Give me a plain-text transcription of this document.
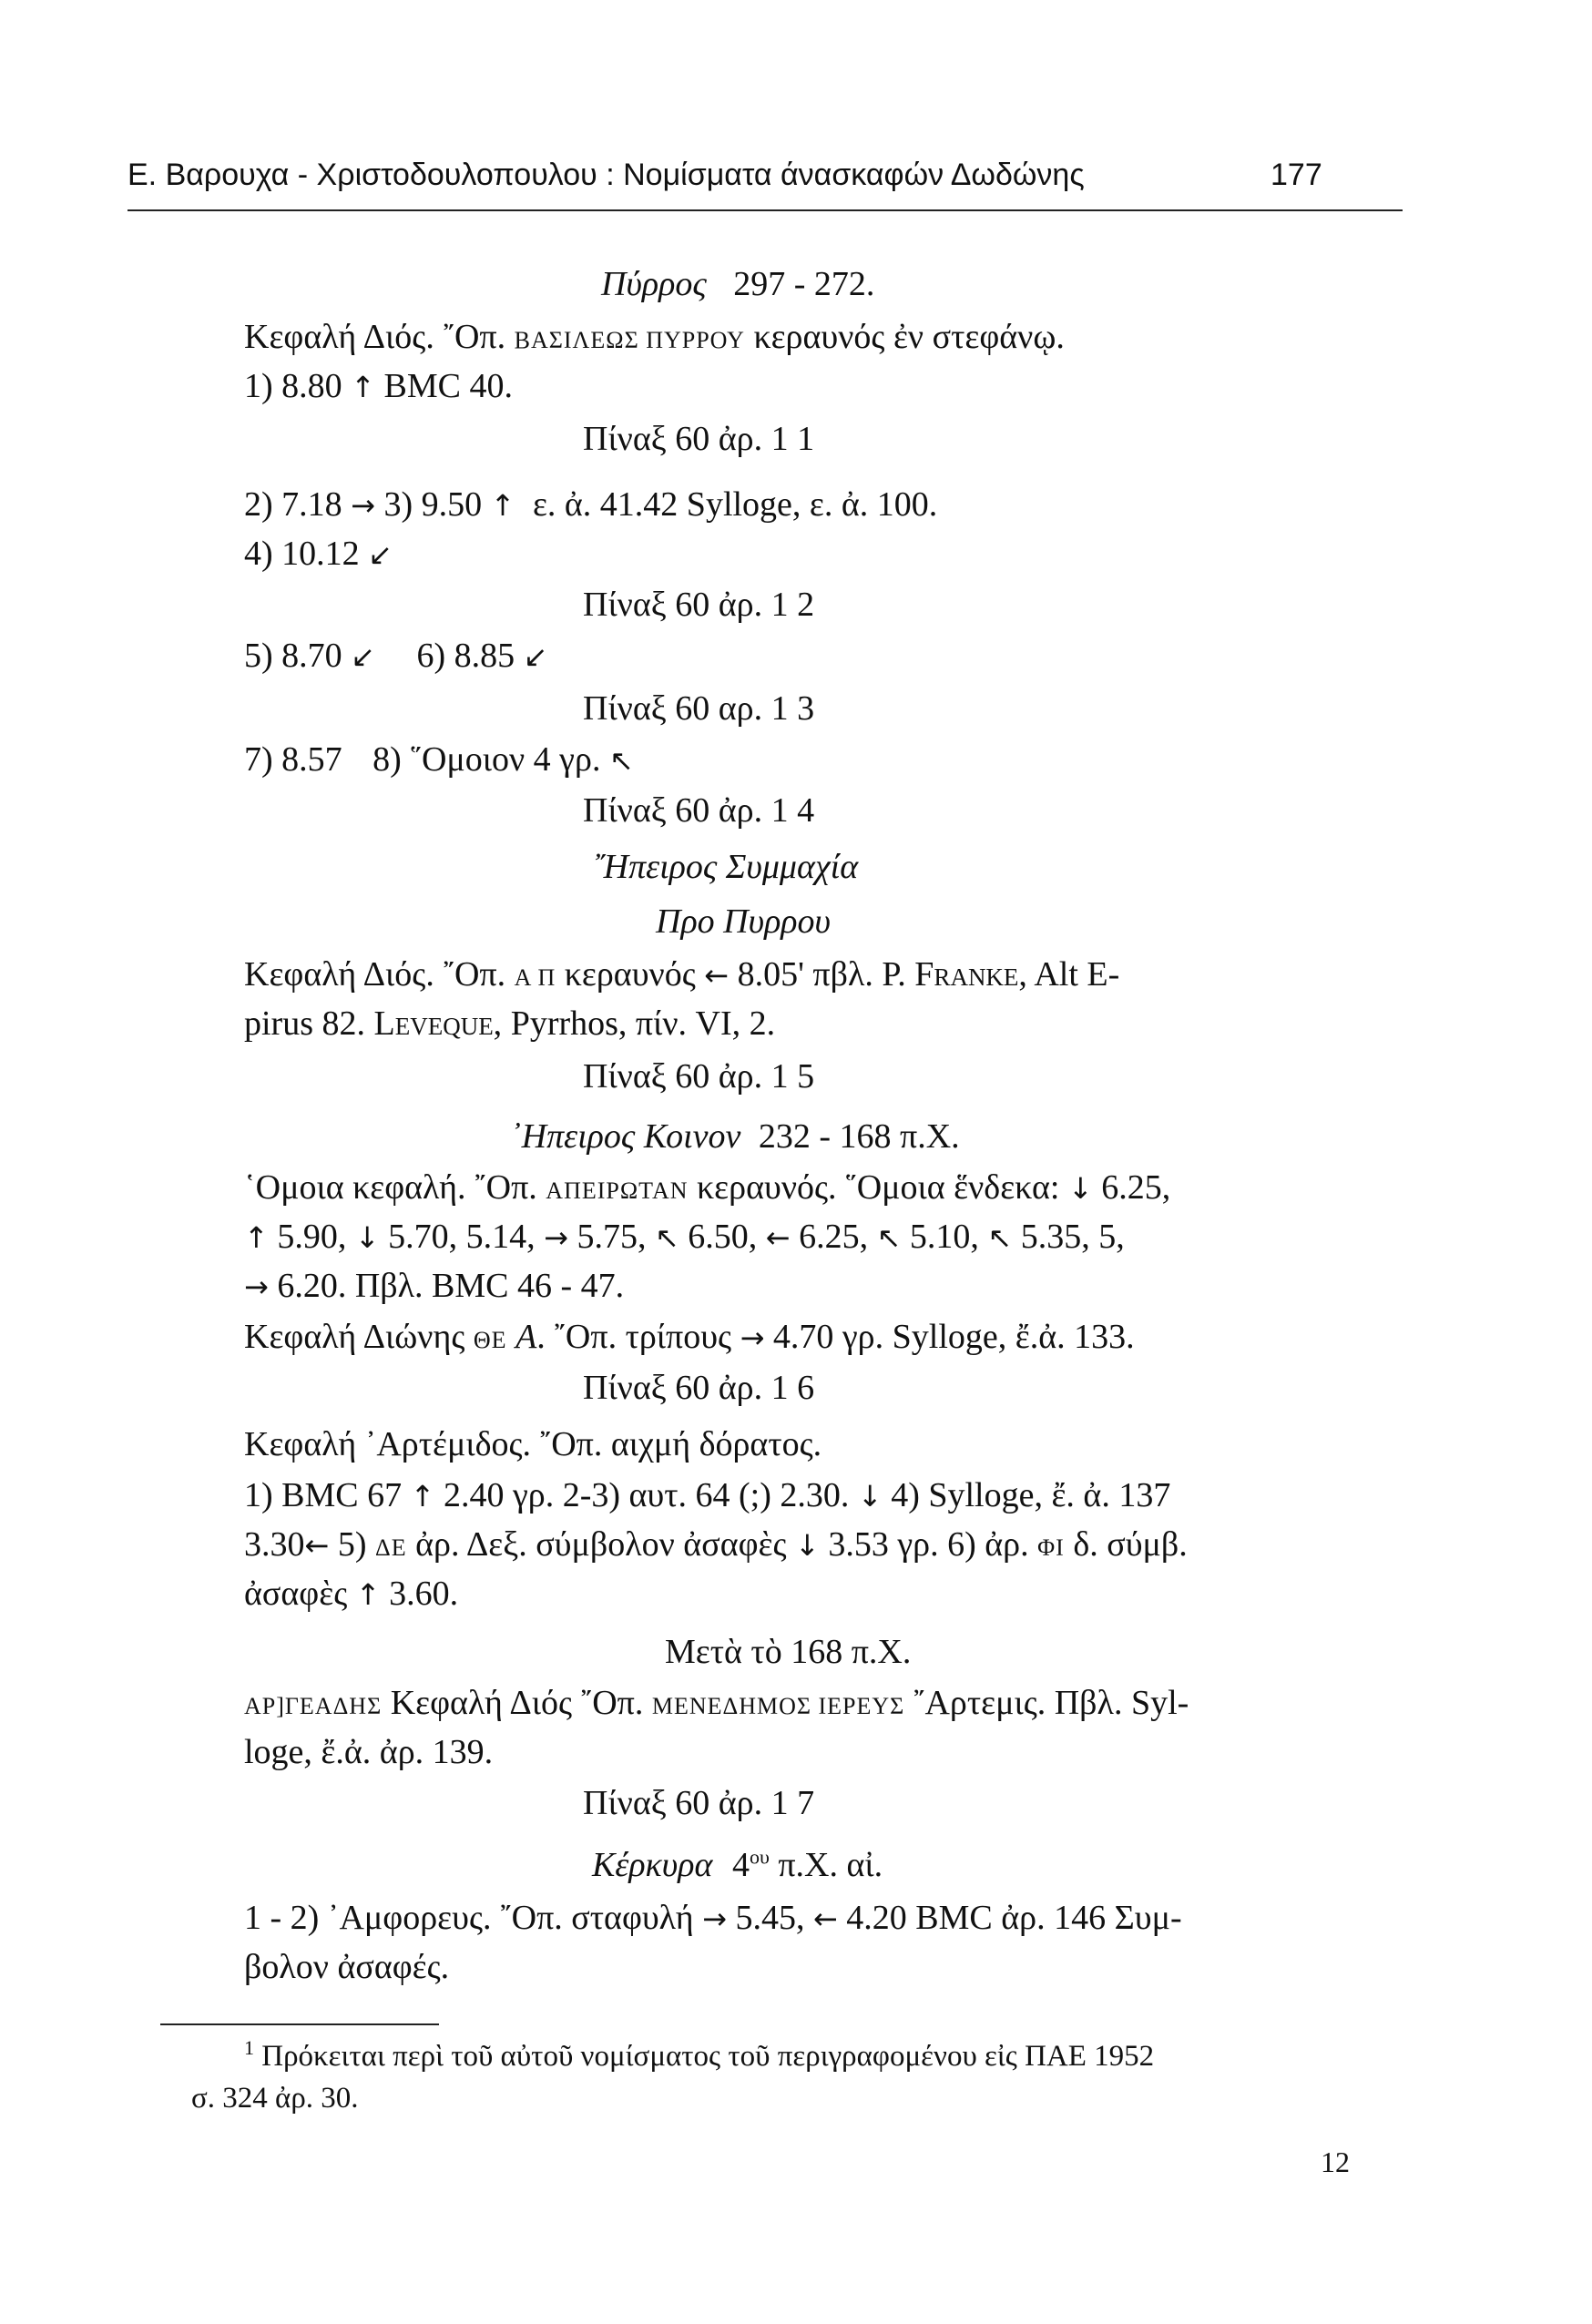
Ε. Βαρουχα - Χριστοδουλοπουλου : Νομίσματα άνασκαφών Δωδώνης	177
Πύρρος 297 - 272.
Κεφαλή Διός. ῎Oπ. ΒΑΣΙΛΕΩΣ ΠΥΡΡΟΥ κεραυνός ἐν στεφάνῳ.
1) 8.80 ↑ BMC 40.
Πίναξ 60 ἀρ. 1 1
2) 7.18 → 3) 9.50 ↑ ε. ἀ. 41.42 Sylloge, ε. ἀ. 100.
4) 10.12 ↙
Πίναξ 60 ἀρ. 1 2
5) 8.70 ↙ 6) 8.85 ↙
Πίναξ 60 αρ. 1 3
7) 8.57 8) ῞Ομοιον 4 γρ. ↖
Πίναξ 60 ἀρ. 1 4
῎Ηπειρος Συμμαχία
Προ Πυρρου
Κεφαλή Διός. ῎Oπ. Α Π κεραυνός ← 8.05' πβλ. P. Franke, Alt E-
pirus 82. Leveque, Pyrrhos, πίν. VI, 2.
Πίναξ 60 ἀρ. 1 5
᾿Ηπειρος Κοινον 232 - 168 π.Χ.
῾Ομοια κεφαλή. ῎Oπ. ΑΠΕΙΡΩΤΑΝ κεραυνός. ῞Ομοια ἕνδεκα: ↓ 6.25,
↑ 5.90, ↓ 5.70, 5.14, → 5.75, ↖ 6.50, ← 6.25, ↖ 5.10, ↖ 5.35, 5,
→ 6.20. Πβλ. BMC 46 - 47.
Κεφαλή Διώνης ΘΕ Α. ῎Oπ. τρίπους → 4.70 γρ. Sylloge, ἔ.ἀ. 133.
Πίναξ 60 ἀρ. 1 6
Κεφαλή ᾿Αρτέμιδος. ῎Oπ. αιχμή δόρατος.
1) BMC 67 ↑ 2.40 γρ. 2-3) αυτ. 64 (;) 2.30. ↓ 4) Sylloge, ἔ. ἀ. 137
3.30← 5) ΔΕ ἀρ. Δεξ. σύμβολον ἀσαφὲς ↓ 3.53 γρ. 6) ἀρ. ΦΙ δ. σύμβ.
ἀσαφὲς ↑ 3.60.
Μετὰ τὸ 168 π.Χ.
ΑΡ]ΓΕΑΔΗΣ Κεφαλή Διός ῎Oπ. ΜΕΝΕΔΗΜΟΣ ΙΕΡΕΥΣ ῎Αρτεμις. Πβλ. Syl-
loge, ἔ.ἀ. ἀρ. 139.
Πίναξ 60 ἀρ. 1 7
Κέρκυρα $4^{o\upsilon}$ π.Χ. αἰ.
1 - 2) ᾿Αμφορευς. ῎Oπ. σταφυλή → 5.45, ← 4.20 BMC ἀρ. 146 Συμ-
βολον ἀσαφές.
$^1$ Πρόκειται περὶ τοῦ αὐτοῦ νομίσματος τοῦ περιγραφομένου εἰς ΠΑΕ 1952
σ. 324 ἀρ. 30.
12
